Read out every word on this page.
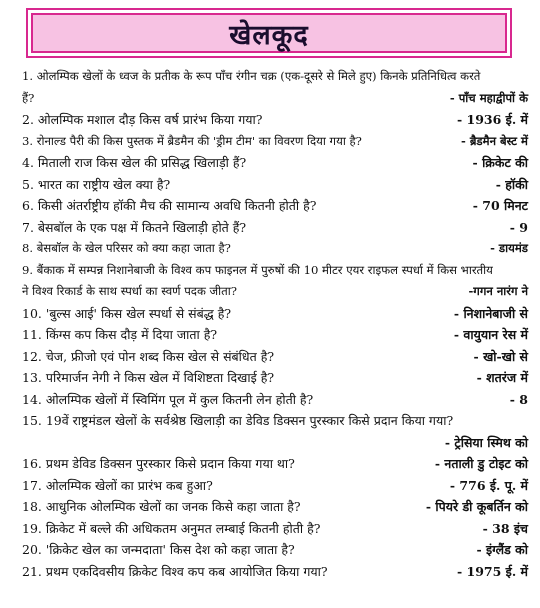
खेलकूद
1. ओलम्पिक खेलों के ध्वज के प्रतीक के रूप पाँच रंगीन चक्र (एक-दूसरे से मिले हुए) किनके प्रतिनिधित्व करते
हैं?	- पाँच महाद्वीपों के
2. ओलम्पिक मशाल दौड़ किस वर्ष प्रारंभ किया गया?	- 1936 ई. में
3. रोनाल्ड पैरी की किस पुस्तक में ब्रैडमैन की 'ड्रीम टीम' का विवरण दिया गया है?	- ब्रैडमैन बेस्ट में
4. मिताली राज किस खेल की प्रसिद्ध खिलाड़ी हैं?	- क्रिकेट की
5. भारत का राष्ट्रीय खेल क्या है?	- हॉकी
6. किसी अंतर्राष्ट्रीय हॉकी मैच की सामान्य अवधि कितनी होती है?	- 70 मिनट
7. बेसबॉल के एक पक्ष में कितने खिलाड़ी होते हैं?	- 9
8. बेसबॉल के खेल परिसर को क्या कहा जाता है?	- डायमंड
9. बैंकाक में सम्पन्न निशानेबाजी के विश्व कप फाइनल में पुरुषों की 10 मीटर एयर राइफल स्पर्धा में किस भारतीय
ने विश्व रिकार्ड के साथ स्पर्धा का स्वर्ण पदक जीता?	-गगन नारंग ने
10. 'बुल्स आई' किस खेल स्पर्धा से संबंद्ध है?	- निशानेबाजी से
11. किंग्स कप किस दौड़ में दिया जाता है?	- वायुयान रेस में
12. चेज, फ्रीजो एवं पोन शब्द किस खेल से संबंधित है?	- खो-खो से
13. परिमार्जन नेगी ने किस खेल में विशिष्टता दिखाई है?	- शतरंज में
14. ओलम्पिक खेलों में स्विमिंग पूल में कुल कितनी लेन होती है?	- 8
15. 19वें राष्ट्रमंडल खेलों के सर्वश्रेष्ठ खिलाड़ी का डेविड डिक्सन पुरस्कार किसे प्रदान किया गया?
- ट्रेसिया स्मिथ को
16. प्रथम डेविड डिक्सन पुरस्कार किसे प्रदान किया गया था?	- नताली डु टोइट को
17. ओलम्पिक खेलों का प्रारंभ कब हुआ?	- 776 ई. पू. में
18. आधुनिक ओलम्पिक खेलों का जनक किसे कहा जाता है?	- पियरे डी कूबर्तिन को
19. क्रिकेट में बल्ले की अधिकतम अनुमत लम्बाई कितनी होती है?	- 38 इंच
20. 'क्रिकेट खेल का जन्मदाता' किस देश को कहा जाता है?	- इंग्लैंड को
21. प्रथम एकदिवसीय क्रिकेट विश्व कप कब आयोजित किया गया?	- 1975 ई. में
